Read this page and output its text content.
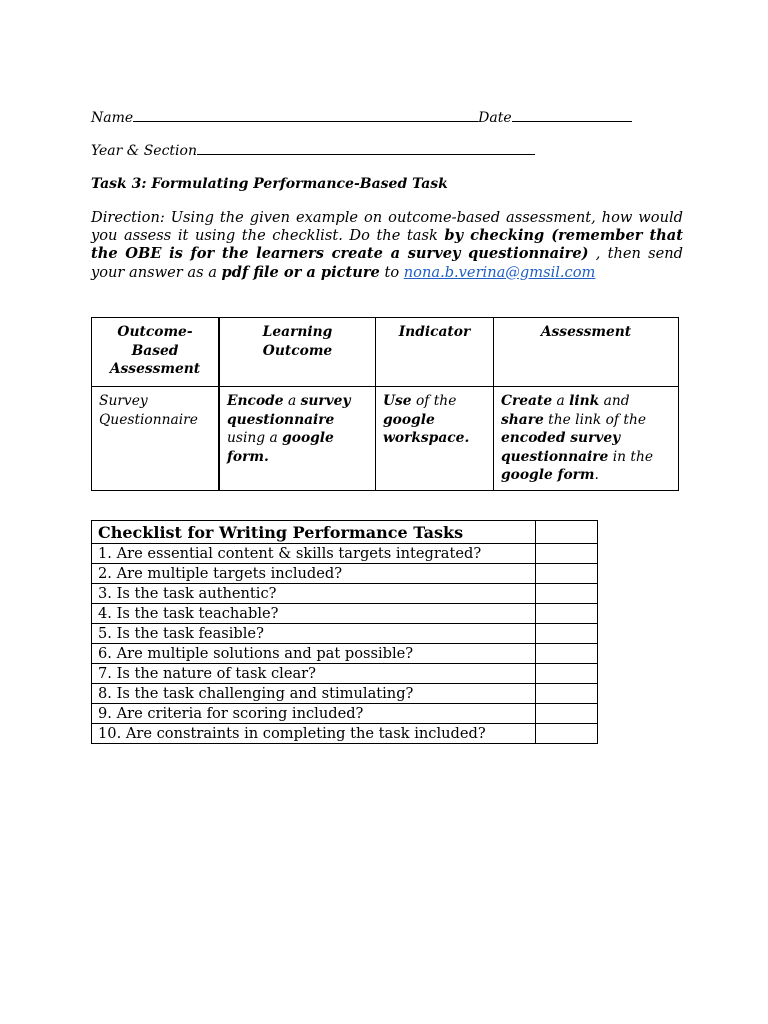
Name	Date
Year & Section
Task 3: Formulating Performance-Based Task
Direction: Using the given example on outcome-based assessment, how would you assess it using the checklist. Do the task by checking (remember that the OBE is for the learners create a survey questionnaire) , then send your answer as a pdf file or a picture to nona.b.verina@gmsil.com
Outcome-Based Assessment	Learning Outcome	Indicator	Assessment
Survey Questionnaire	Encode a survey questionnaire using a google form.	Use of the google workspace.	Create a link and share the link of the encoded survey questionnaire in the google form.
Checklist for Writing Performance Tasks	
1. Are essential content & skills targets integrated?	
2. Are multiple targets included?	
3. Is the task authentic?	
4. Is the task teachable?	
5. Is the task feasible?	
6. Are multiple solutions and pat possible?	
7. Is the nature of task clear?	
8. Is the task challenging and stimulating?	
9. Are criteria for scoring included?	
10. Are constraints in completing the task included?	
